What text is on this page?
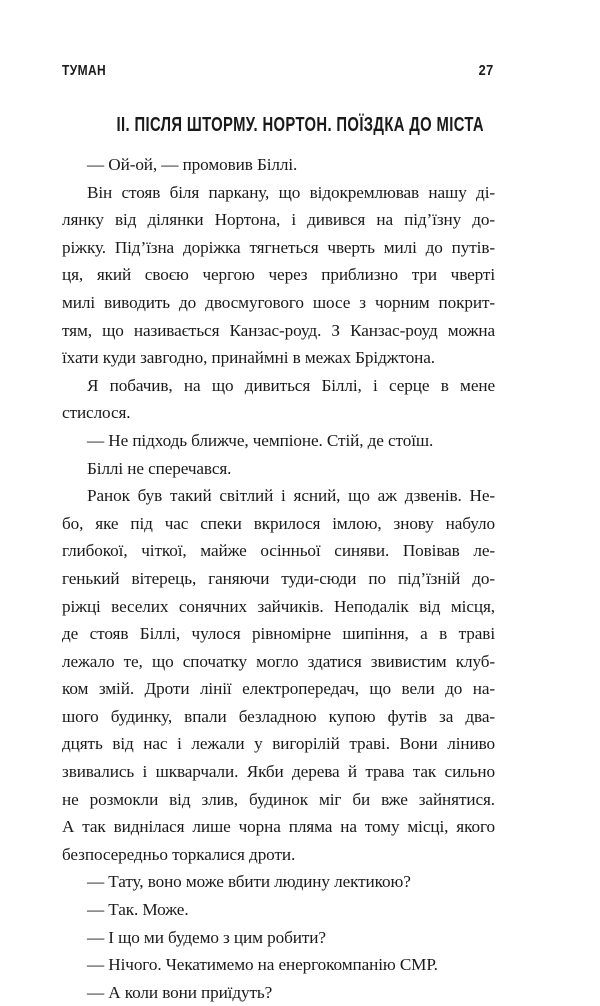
ТУМАН	27
ІІ. ПІСЛЯ ШТОРМУ. НОРТОН. ПОЇЗДКА ДО МІСТА
— Ой-ой, — промовив Біллі.
Він стояв біля паркану, що відокремлював нашу ді-
лянку від ділянки Нортона, і дивився на під’їзну до-
ріжку. Під’їзна доріжка тягнеться чверть милі до путів-
ця, який своєю чергою через приблизно три чверті
милі виводить до двосмугового шосе з чорним покрит-
тям, що називається Канзас-роуд. З Канзас-роуд можна
їхати куди завгодно, принаймні в межах Бріджтона.
Я побачив, на що дивиться Біллі, і серце в мене
стислося.
— Не підходь ближче, чемпіоне. Стій, де стоїш.
Біллі не сперечався.
Ранок був такий світлий і ясний, що аж дзвенів. Не-
бо, яке під час спеки вкрилося імлою, знову набуло
глибокої, чіткої, майже осінньої синяви. Повівав ле-
генький вітерець, ганяючи туди-сюди по під’їзній до-
ріжці веселих сонячних зайчиків. Неподалік від місця,
де стояв Біллі, чулося рівномірне шипіння, а в траві
лежало те, що спочатку могло здатися звивистим клуб-
ком змій. Дроти лінії електропередач, що вели до на-
шого будинку, впали безладною купою футів за два-
дцять від нас і лежали у вигорілій траві. Вони ліниво
звивались і шкварчали. Якби дерева й трава так сильно
не розмокли від злив, будинок міг би вже зайнятися.
А так виднілася лише чорна пляма на тому місці, якого
безпосередньо торкалися дроти.
— Тату, воно може вбити людину лектикою?
— Так. Може.
— І що ми будемо з цим робити?
— Нічого. Чекатимемо на енергокомпанію СМР.
— А коли вони приїдуть?
